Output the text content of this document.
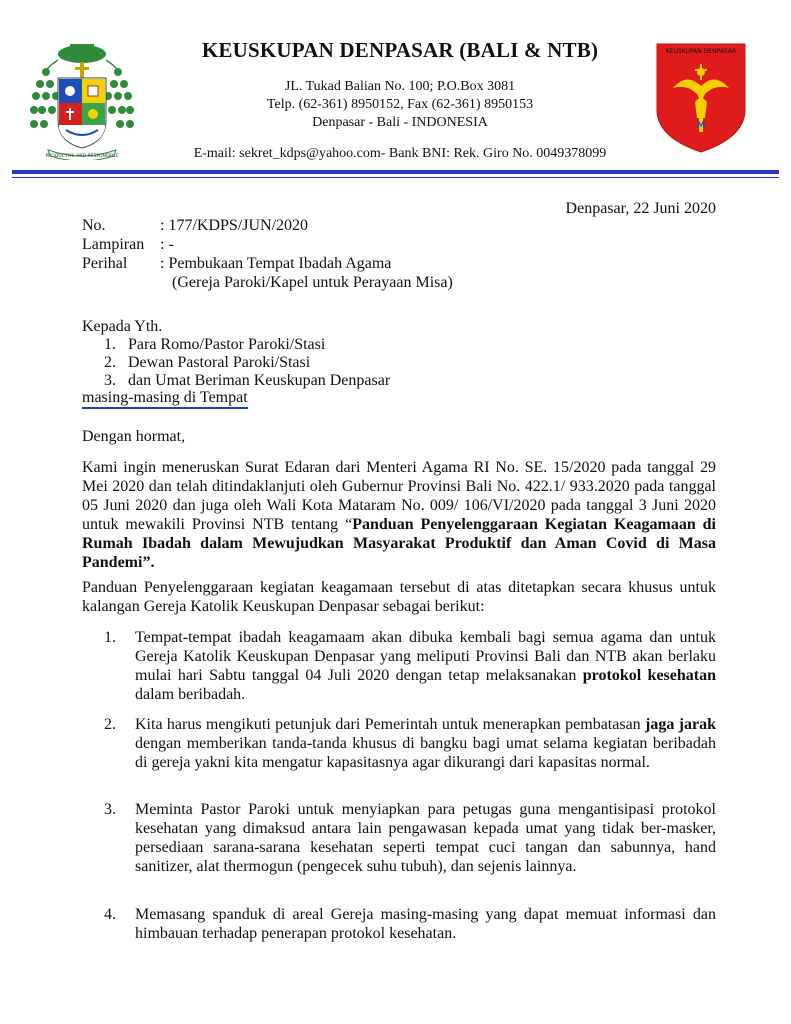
PRODUCTIVE AND RESPONSIBLE
KEUSKUPAN DENPASAR (BALI & NTB)
JL. Tukad Balian No. 100; P.O.Box 3081
Telp. (62-361) 8950152, Fax (62-361) 8950153
Denpasar - Bali - INDONESIA
E-mail: sekret_kdps@yahoo.com- Bank BNI: Rek. Giro No. 0049378099
KEUSKUPAN DENPASAR
M
Denpasar, 22 Juni 2020
No.	: 177/KDPS/JUN/2020
Lampiran : -
Perihal : Pembukaan Tempat Ibadah Agama
(Gereja Paroki/Kapel untuk Perayaan Misa)
Kepada Yth.
1. Para Romo/Pastor Paroki/Stasi
2. Dewan Pastoral Paroki/Stasi
3. dan Umat Beriman Keuskupan Denpasar
masing-masing di Tempat
Dengan hormat,
Kami ingin meneruskan Surat Edaran dari Menteri Agama RI No. SE. 15/2020 pada tanggal 29 Mei 2020 dan telah ditindaklanjuti oleh Gubernur Provinsi Bali No. 422.1/ 933.2020 pada tanggal 05 Juni 2020 dan juga oleh Wali Kota Mataram No. 009/ 106/VI/2020 pada tanggal 3 Juni 2020 untuk mewakili Provinsi NTB tentang “Panduan Penyelenggaraan Kegiatan Keagamaan di Rumah Ibadah dalam Mewujudkan Masyarakat Produktif dan Aman Covid di Masa Pandemi”.
Panduan Penyelenggaraan kegiatan keagamaan tersebut di atas ditetapkan secara khusus untuk kalangan Gereja Katolik Keuskupan Denpasar sebagai berikut:
1.	Tempat-tempat ibadah keagamaam akan dibuka kembali bagi semua agama dan untuk Gereja Katolik Keuskupan Denpasar yang meliputi Provinsi Bali dan NTB akan berlaku mulai hari Sabtu tanggal 04 Juli 2020 dengan tetap melaksanakan protokol kesehatan dalam beribadah.
2.	Kita harus mengikuti petunjuk dari Pemerintah untuk menerapkan pembatasan jaga jarak dengan memberikan tanda-tanda khusus di bangku bagi umat selama kegiatan beribadah di gereja yakni kita mengatur kapasitasnya agar dikurangi dari kapasitas normal.
3.	Meminta Pastor Paroki untuk menyiapkan para petugas guna mengantisipasi protokol kesehatan yang dimaksud antara lain pengawasan kepada umat yang tidak ber-masker, persediaan sarana-sarana kesehatan seperti tempat cuci tangan dan sabunnya, hand sanitizer, alat thermogun (pengecek suhu tubuh), dan sejenis lainnya.
4.	Memasang spanduk di areal Gereja masing-masing yang dapat memuat informasi dan himbauan terhadap penerapan protokol kesehatan.
